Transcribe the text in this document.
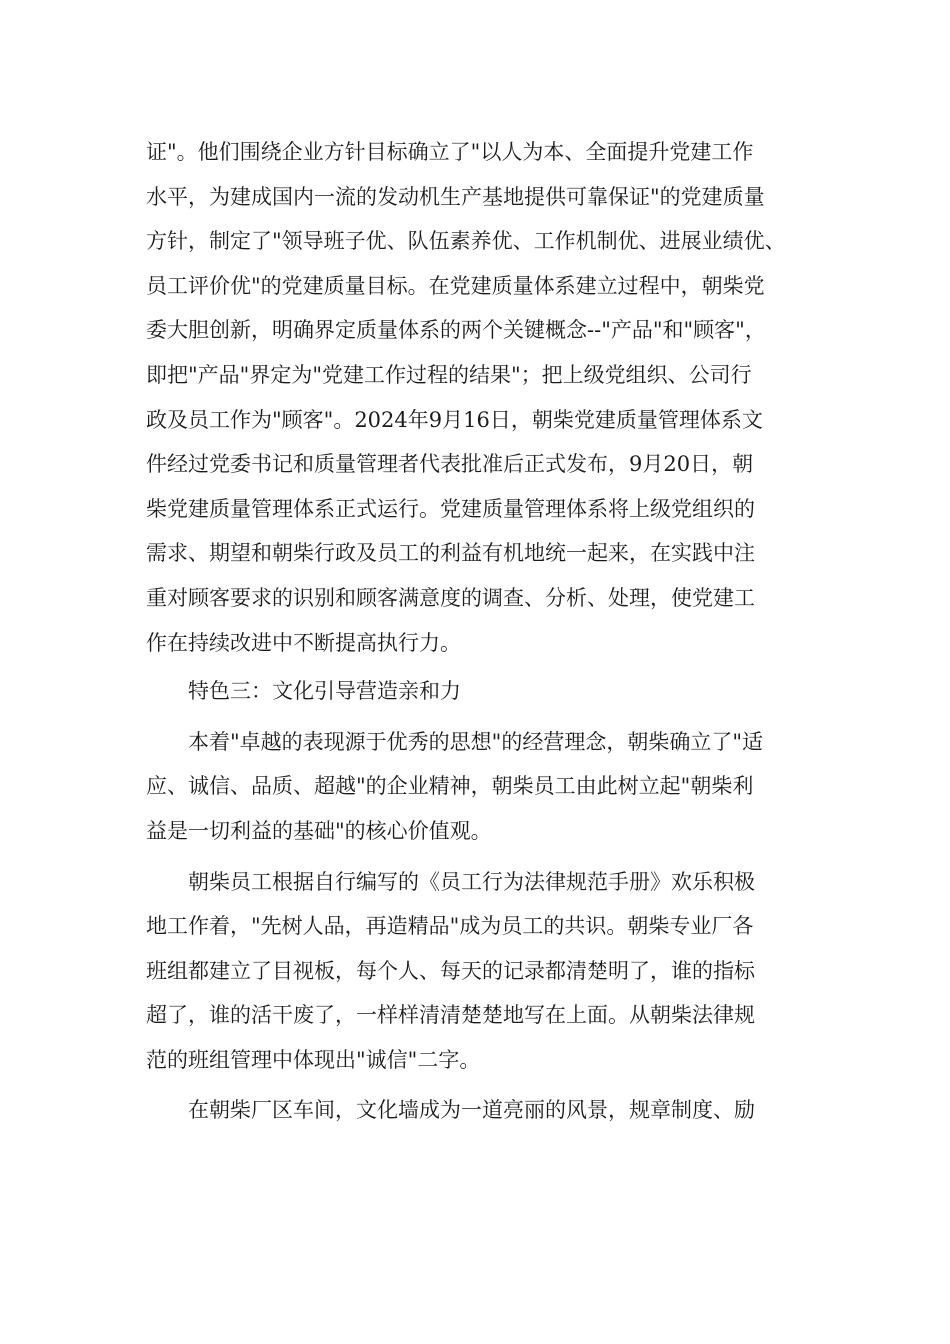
证"。他们围绕企业方针目标确立了"以人为本、全面提升党建工作
水平，为建成国内一流的发动机生产基地提供可靠保证"的党建质量
方针，制定了"领导班子优、队伍素养优、工作机制优、进展业绩优、
员工评价优"的党建质量目标。在党建质量体系建立过程中，朝柴党
委大胆创新，明确界定质量体系的两个关键概念--"产品"和"顾客"，
即把"产品"界定为"党建工作过程的结果"；把上级党组织、公司行
政及员工作为"顾客"。2024年9月16日，朝柴党建质量管理体系文
件经过党委书记和质量管理者代表批准后正式发布，9月20日，朝
柴党建质量管理体系正式运行。党建质量管理体系将上级党组织的
需求、期望和朝柴行政及员工的利益有机地统一起来，在实践中注
重对顾客要求的识别和顾客满意度的调查、分析、处理，使党建工
作在持续改进中不断提高执行力。
特色三：文化引导营造亲和力
本着"卓越的表现源于优秀的思想"的经营理念，朝柴确立了"适
应、诚信、品质、超越"的企业精神，朝柴员工由此树立起"朝柴利
益是一切利益的基础"的核心价值观。
朝柴员工根据自行编写的《员工行为法律规范手册》欢乐积极
地工作着，"先树人品，再造精品"成为员工的共识。朝柴专业厂各
班组都建立了目视板，每个人、每天的记录都清楚明了，谁的指标
超了，谁的活干废了，一样样清清楚楚地写在上面。从朝柴法律规
范的班组管理中体现出"诚信"二字。
在朝柴厂区车间，文化墙成为一道亮丽的风景，规章制度、励
